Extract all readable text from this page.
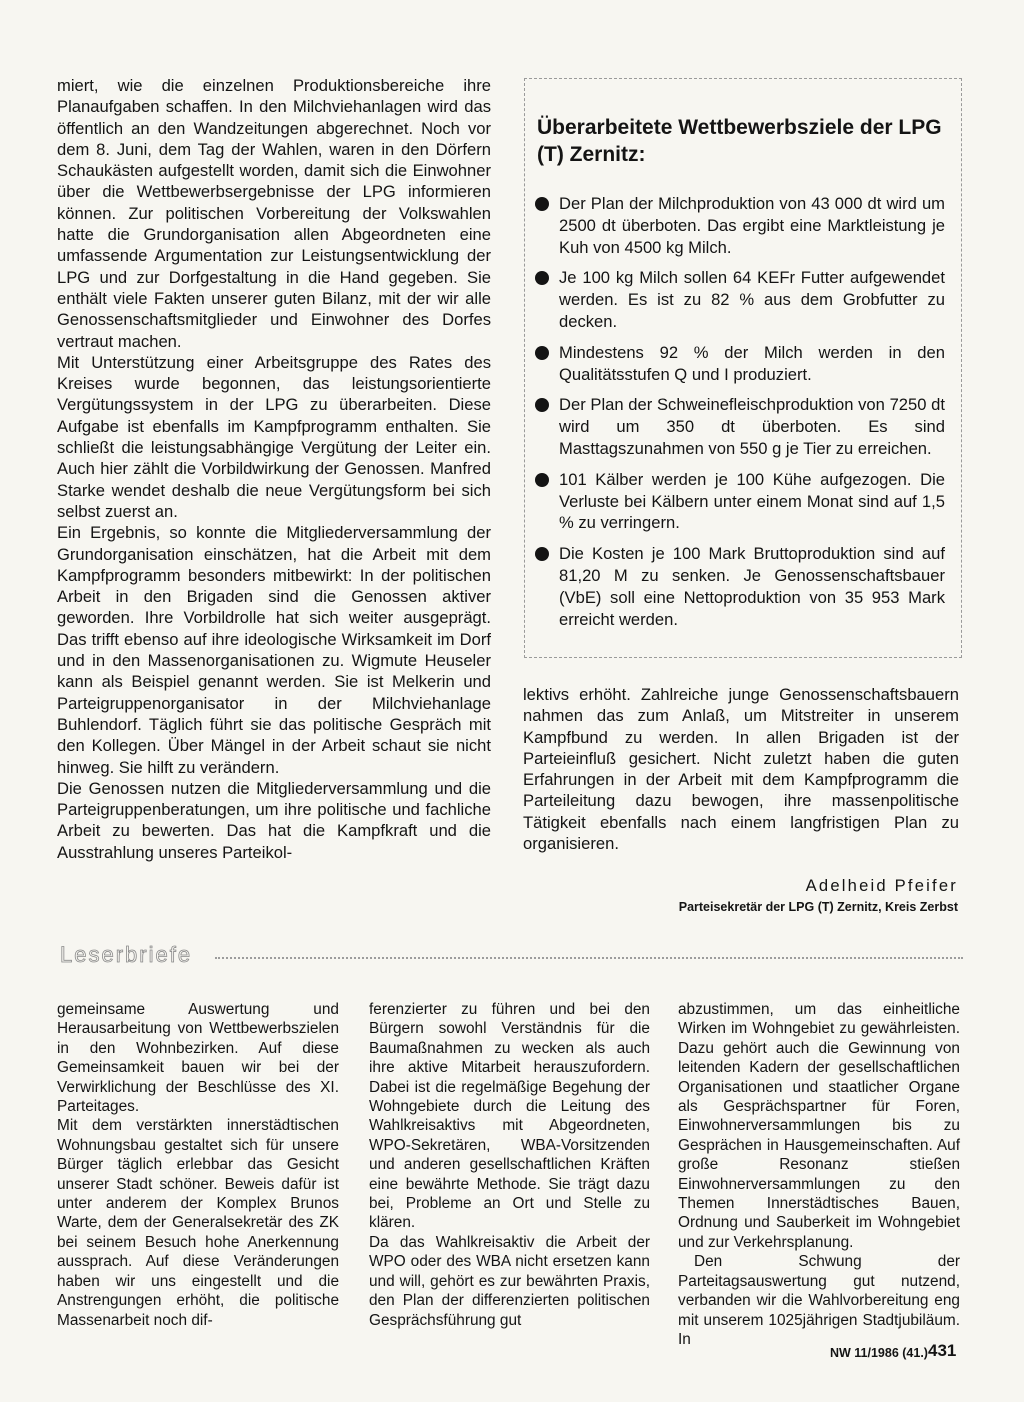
miert, wie die einzelnen Produktionsbereiche ihre Planaufgaben schaffen. In den Milchviehanlagen wird das öffentlich an den Wandzeitungen abgerechnet. Noch vor dem 8. Juni, dem Tag der Wahlen, waren in den Dörfern Schaukästen aufgestellt worden, damit sich die Einwohner über die Wettbewerbsergebnisse der LPG informieren können. Zur politischen Vorbereitung der Volkswahlen hatte die Grundorganisation allen Abgeordneten eine umfassende Argumentation zur Leistungsentwicklung der LPG und zur Dorfgestaltung in die Hand gegeben. Sie enthält viele Fakten unserer guten Bilanz, mit der wir alle Genossenschaftsmitglieder und Einwohner des Dorfes vertraut machen.

Mit Unterstützung einer Arbeitsgruppe des Rates des Kreises wurde begonnen, das leistungsorientierte Vergütungssystem in der LPG zu überarbeiten. Diese Aufgabe ist ebenfalls im Kampfprogramm enthalten. Sie schließt die leistungsabhängige Vergütung der Leiter ein. Auch hier zählt die Vorbildwirkung der Genossen. Manfred Starke wendet deshalb die neue Vergütungsform bei sich selbst zuerst an.

Ein Ergebnis, so konnte die Mitgliederversammlung der Grundorganisation einschätzen, hat die Arbeit mit dem Kampfprogramm besonders mitbewirkt: In der politischen Arbeit in den Brigaden sind die Genossen aktiver geworden. Ihre Vorbildrolle hat sich weiter ausgeprägt. Das trifft ebenso auf ihre ideologische Wirksamkeit im Dorf und in den Massenorganisationen zu. Wigmute Heuseler kann als Beispiel genannt werden. Sie ist Melkerin und Parteigruppenorganisator in der Milchviehanlage Buhlendorf. Täglich führt sie das politische Gespräch mit den Kollegen. Über Mängel in der Arbeit schaut sie nicht hinweg. Sie hilft zu verändern.

Die Genossen nutzen die Mitgliederversammlung und die Parteigruppenberatungen, um ihre politische und fachliche Arbeit zu bewerten. Das hat die Kampfkraft und die Ausstrahlung unseres Parteikol-

Überarbeitete Wettbewerbsziele der LPG (T) Zernitz:
Der Plan der Milchproduktion von 43 000 dt wird um 2500 dt überboten. Das ergibt eine Marktleistung je Kuh von 4500 kg Milch.
Je 100 kg Milch sollen 64 KEFr Futter aufgewendet werden. Es ist zu 82 % aus dem Grobfutter zu decken.
Mindestens 92 % der Milch werden in den Qualitätsstufen Q und I produziert.
Der Plan der Schweinefleischproduktion von 7250 dt wird um 350 dt überboten. Es sind Masttagszunahmen von 550 g je Tier zu erreichen.
101 Kälber werden je 100 Kühe aufgezogen. Die Verluste bei Kälbern unter einem Monat sind auf 1,5 % zu verringern.
Die Kosten je 100 Mark Bruttoproduktion sind auf 81,20 M zu senken. Je Genossenschaftsbauer (VbE) soll eine Nettoproduktion von 35 953 Mark erreicht werden.

lektivs erhöht. Zahlreiche junge Genossenschaftsbauern nahmen das zum Anlaß, um Mitstreiter in unserem Kampfbund zu werden. In allen Brigaden ist der Parteieinfluß gesichert. Nicht zuletzt haben die guten Erfahrungen in der Arbeit mit dem Kampfprogramm die Parteileitung dazu bewogen, ihre massenpolitische Tätigkeit ebenfalls nach einem langfristigen Plan zu organisieren.

Adelheid Pfeifer
Parteisekretär der LPG (T) Zernitz, Kreis Zerbst
Leserbriefe

gemeinsame Auswertung und Herausarbeitung von Wettbewerbszielen in den Wohnbezirken. Auf diese Gemeinsamkeit bauen wir bei der Verwirklichung der Beschlüsse des XI. Parteitages.

Mit dem verstärkten innerstädtischen Wohnungsbau gestaltet sich für unsere Bürger täglich erlebbar das Gesicht unserer Stadt schöner. Beweis dafür ist unter anderem der Komplex Brunos Warte, dem der Generalsekretär des ZK bei seinem Besuch hohe Anerkennung aussprach. Auf diese Veränderungen haben wir uns eingestellt und die Anstrengungen erhöht, die politische Massenarbeit noch dif-

ferenzierter zu führen und bei den Bürgern sowohl Verständnis für die Baumaßnahmen zu wecken als auch ihre aktive Mitarbeit herauszufordern. Dabei ist die regelmäßige Begehung der Wohngebiete durch die Leitung des Wahlkreisaktivs mit Abgeordneten, WPO-Sekretären, WBA-Vorsitzenden und anderen gesellschaftlichen Kräften eine bewährte Methode. Sie trägt dazu bei, Probleme an Ort und Stelle zu klären.

Da das Wahlkreisaktiv die Arbeit der WPO oder des WBA nicht ersetzen kann und will, gehört es zur bewährten Praxis, den Plan der differenzierten politischen Gesprächsführung gut

abzustimmen, um das einheitliche Wirken im Wohngebiet zu gewährleisten. Dazu gehört auch die Gewinnung von leitenden Kadern der gesellschaftlichen Organisationen und staatlicher Organe als Gesprächspartner für Foren, Einwohnerversammlungen bis zu Gesprächen in Hausgemeinschaften. Auf große Resonanz stießen Einwohnerversammlungen zu den Themen Innerstädtisches Bauen, Ordnung und Sauberkeit im Wohngebiet und zur Verkehrsplanung.

Den Schwung der Parteitagsauswertung gut nutzend, verbanden wir die Wahlvorbereitung eng mit unserem 1025jährigen Stadtjubiläum. In

NW 11/1986 (41.) 431
